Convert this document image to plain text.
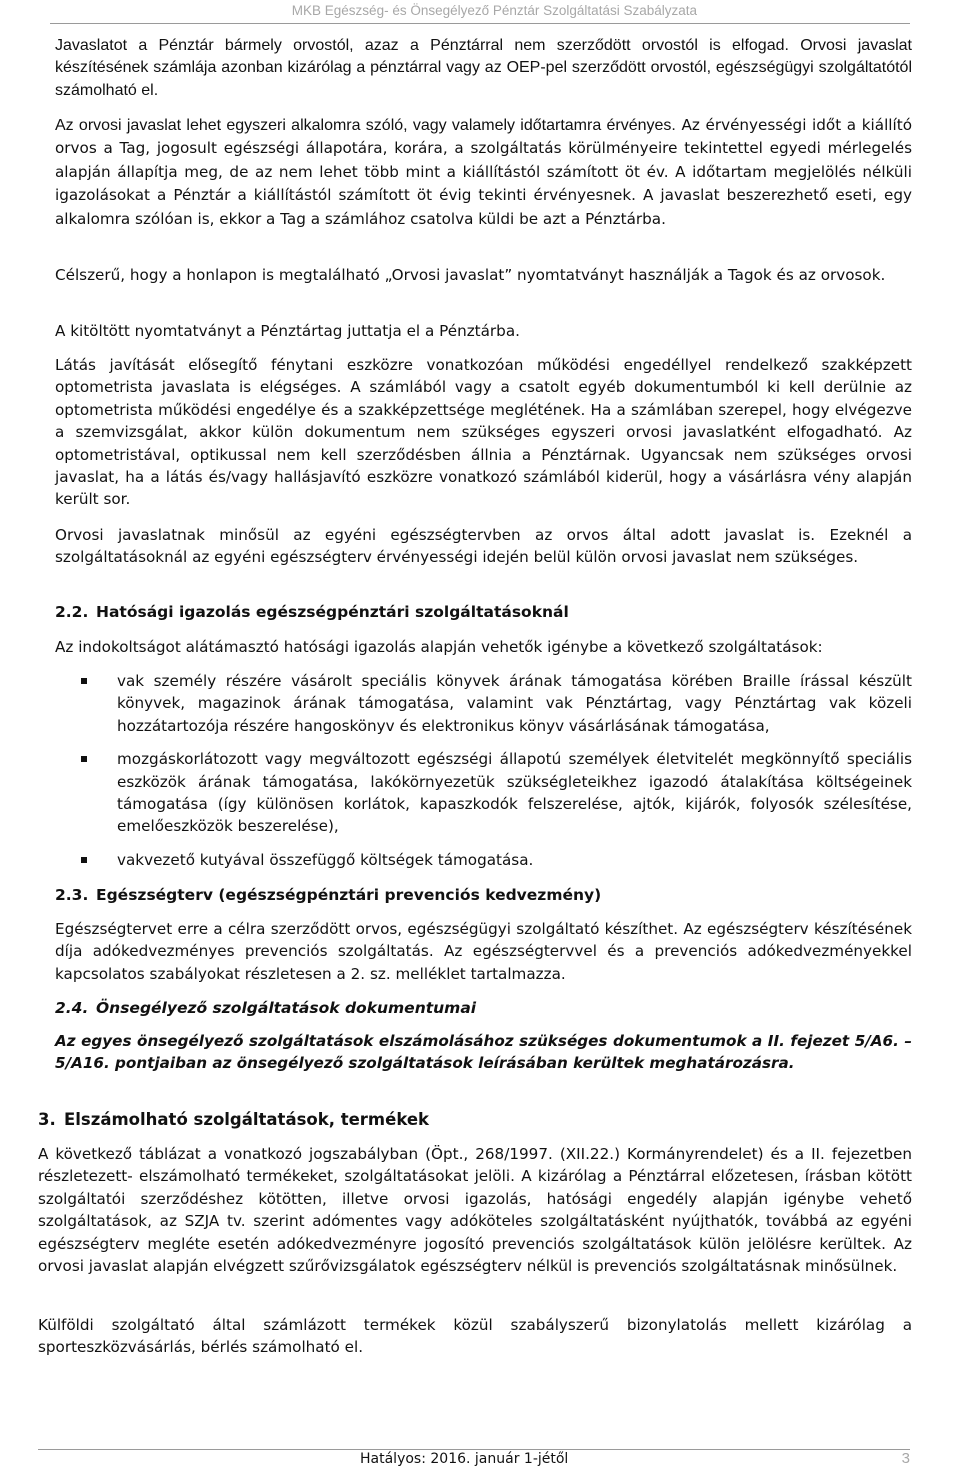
MKB Egészség- és Önsegélyező Pénztár Szolgáltatási Szabályzata

Javaslatot a Pénztár bármely orvostól, azaz a Pénztárral nem szerződött orvostól is elfogad. Orvosi javaslat készítésének számlája azonban kizárólag a pénztárral vagy az OEP-pel szerződött orvostól, egészségügyi szolgáltatótól számolható el.

Az orvosi javaslat lehet egyszeri alkalomra szóló, vagy valamely időtartamra érvényes. Az érvényességi időt a kiállító orvos a Tag, jogosult egészségi állapotára, korára, a szolgáltatás körülményeire tekintettel egyedi mérlegelés alapján állapítja meg, de az nem lehet több mint a kiállítástól számított öt év. A időtartam megjelölés nélküli igazolásokat a Pénztár a kiállítástól számított öt évig tekinti érvényesnek. A javaslat beszerezhető eseti, egy alkalomra szólóan is, ekkor a Tag a számlához csatolva küldi be azt a Pénztárba.

Célszerű, hogy a honlapon is megtalálható „Orvosi javaslat” nyomtatványt használják a Tagok és az orvosok.

A kitöltött nyomtatványt a Pénztártag juttatja el a Pénztárba.

Látás javítását elősegítő fénytani eszközre vonatkozóan működési engedéllyel rendelkező szakképzett optometrista javaslata is elégséges. A számlából vagy a csatolt egyéb dokumentumból ki kell derülnie az optometrista működési engedélye és a szakképzettsége meglétének. Ha a számlában szerepel, hogy elvégezve a szemvizsgálat, akkor külön dokumentum nem szükséges egyszeri orvosi javaslatként elfogadható. Az optometristával, optikussal nem kell szerződésben állnia a Pénztárnak. Ugyancsak nem szükséges orvosi javaslat, ha a látás és/vagy hallásjavító eszközre vonatkozó számlából kiderül, hogy a vásárlásra vény alapján került sor.

Orvosi javaslatnak minősül az egyéni egészségtervben az orvos által adott javaslat is. Ezeknél a szolgáltatásoknál az egyéni egészségterv érvényességi idején belül külön orvosi javaslat nem szükséges.

2.2. Hatósági igazolás egészségpénztári szolgáltatásoknál

Az indokoltságot alátámasztó hatósági igazolás alapján vehetők igénybe a következő szolgáltatások:

vak személy részére vásárolt speciális könyvek árának támogatása körében Braille írással készült könyvek, magazinok árának támogatása, valamint vak Pénztártag, vagy Pénztártag vak közeli hozzátartozója részére hangoskönyv és elektronikus könyv vásárlásának támogatása,
mozgáskorlátozott vagy megváltozott egészségi állapotú személyek életvitelét megkönnyítő speciális eszközök árának támogatása, lakókörnyezetük szükségleteikhez igazodó átalakítása költségeinek támogatása (így különösen korlátok, kapaszkodók felszerelése, ajtók, kijárók, folyosók szélesítése, emelőeszközök beszerelése),
vakvezető kutyával összefüggő költségek támogatása.
2.3. Egészségterv (egészségpénztári prevenciós kedvezmény)

Egészségtervet erre a célra szerződött orvos, egészségügyi szolgáltató készíthet. Az egészségterv készítésének díja adókedvezményes prevenciós szolgáltatás. Az egészségtervvel és a prevenciós adókedvezményekkel kapcsolatos szabályokat részletesen a 2. sz. melléklet tartalmazza.

2.4. Önsegélyező szolgáltatások dokumentumai

Az egyes önsegélyező szolgáltatások elszámolásához szükséges dokumentumok a II. fejezet 5/A6. – 5/A16. pontjaiban az önsegélyező szolgáltatások leírásában kerültek meghatározásra.

3. Elszámolható szolgáltatások, termékek

A következő táblázat a vonatkozó jogszabályban (Öpt., 268/1997. (XII.22.) Kormányrendelet) és a II. fejezetben részletezett- elszámolható termékeket, szolgáltatásokat jelöli. A kizárólag a Pénztárral előzetesen, írásban kötött szolgáltatói szerződéshez kötötten, illetve orvosi igazolás, hatósági engedély alapján igénybe vehető szolgáltatások, az SZJA tv. szerint adómentes vagy adóköteles szolgáltatásként nyújthatók, továbbá az egyéni egészségterv megléte esetén adókedvezményre jogosító prevenciós szolgáltatások külön jelölésre kerültek. Az orvosi javaslat alapján elvégzett szűrővizsgálatok egészségterv nélkül is prevenciós szolgáltatásnak minősülnek.

Külföldi szolgáltató által számlázott termékek közül szabályszerű bizonylatolás mellett kizárólag a sporteszközvásárlás, bérlés számolható el.

Hatályos: 2016. január 1-jétől	3
